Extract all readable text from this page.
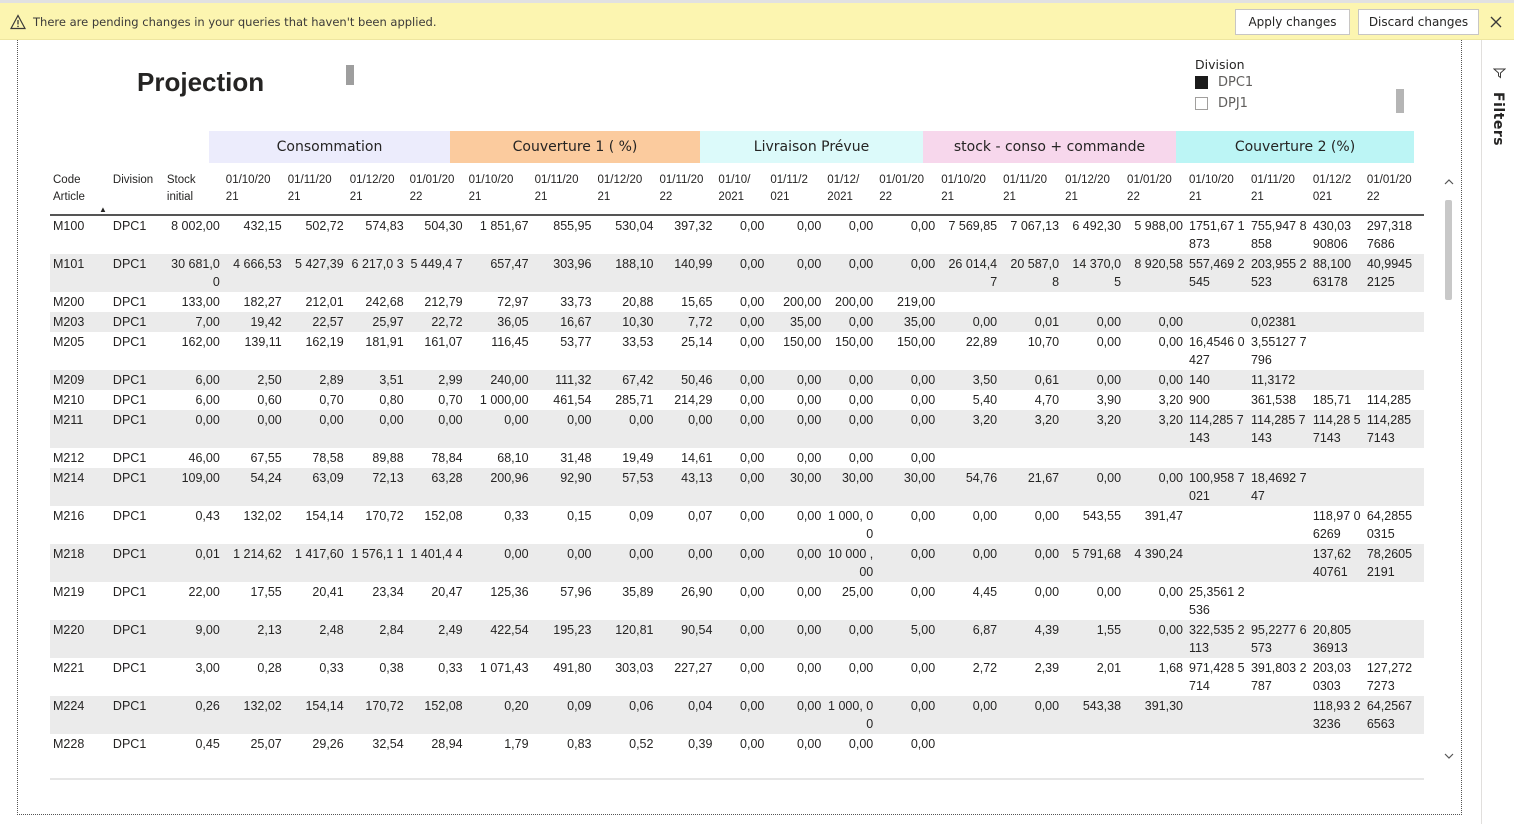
There are pending changes in your queries that haven't been applied.	Apply changes	Discard changes
Projection
Division
DPC1
DPJ1	Filters
Consommation	Couverture 1 ( %)	Livraison Prévue	stock - conso + commande	Couverture 2 (%)
Code Article
▲	Division	Stock initial	01/10/20 21	01/11/20 21	01/12/20 21	01/01/20 22	01/10/20 21	01/11/20 21	01/12/20 21	01/11/20 22	01/10/ 2021	01/11/2 021	01/12/ 2021	01/01/20 22	01/10/20 21	01/11/20 21	01/12/20 21	01/01/20 22	01/10/20 21	01/11/20 21	01/12/2 021	01/01/20 22
M100	DPC1	8 002,00	432,15	502,72	574,83	504,30	1 851,67	855,95	530,04	397,32	0,00	0,00	0,00	0,00	7 569,85	7 067,13	6 492,30	5 988,00	1751,67 1873	755,947 8858	430,03 90806	297,318 7686
M101	DPC1	30 681,0 0	4 666,53	5 427,39	6 217,0 3	5 449,4 7	657,47	303,96	188,10	140,99	0,00	0,00	0,00	0,00	26 014,4 7	20 587,0 8	14 370,0 5	8 920,58	557,469 2545	203,955 2523	88,100 63178	40,9945 2125
M200	DPC1	133,00	182,27	212,01	242,68	212,79	72,97	33,73	20,88	15,65	0,00	200,00	200,00	219,00								
M203	DPC1	7,00	19,42	22,57	25,97	22,72	36,05	16,67	10,30	7,72	0,00	35,00	0,00	35,00	0,00	0,01	0,00	0,00		0,02381		
M205	DPC1	162,00	139,11	162,19	181,91	161,07	116,45	53,77	33,53	25,14	0,00	150,00	150,00	150,00	22,89	10,70	0,00	0,00	16,4546 0427	3,55127 7796		
M209	DPC1	6,00	2,50	2,89	3,51	2,99	240,00	111,32	67,42	50,46	0,00	0,00	0,00	0,00	3,50	0,61	0,00	0,00	140	11,3172		
M210	DPC1	6,00	0,60	0,70	0,80	0,70	1 000,00	461,54	285,71	214,29	0,00	0,00	0,00	0,00	5,40	4,70	3,90	3,20	900	361,538	185,71	114,285
M211	DPC1	0,00	0,00	0,00	0,00	0,00	0,00	0,00	0,00	0,00	0,00	0,00	0,00	0,00	3,20	3,20	3,20	3,20	114,285 7143	114,285 7143	114,28 57143	114,285 7143
M212	DPC1	46,00	67,55	78,58	89,88	78,84	68,10	31,48	19,49	14,61	0,00	0,00	0,00	0,00								
M214	DPC1	109,00	54,24	63,09	72,13	63,28	200,96	92,90	57,53	43,13	0,00	30,00	30,00	30,00	54,76	21,67	0,00	0,00	100,958 7021	18,4692 747		
M216	DPC1	0,43	132,02	154,14	170,72	152,08	0,33	0,15	0,09	0,07	0,00	0,00	1 000, 00	0,00	0,00	0,00	543,55	391,47			118,97 06269	64,2855 0315
M218	DPC1	0,01	1 214,62	1 417,60	1 576,1 1	1 401,4 4	0,00	0,00	0,00	0,00	0,00	0,00	10 000 ,00	0,00	0,00	0,00	5 791,68	4 390,24			137,62 40761	78,2605 2191
M219	DPC1	22,00	17,55	20,41	23,34	20,47	125,36	57,96	35,89	26,90	0,00	0,00	25,00	0,00	4,45	0,00	0,00	0,00	25,3561 2536			
M220	DPC1	9,00	2,13	2,48	2,84	2,49	422,54	195,23	120,81	90,54	0,00	0,00	0,00	5,00	6,87	4,39	1,55	0,00	322,535 2113	95,2277 6573	20,805 36913	
M221	DPC1	3,00	0,28	0,33	0,38	0,33	1 071,43	491,80	303,03	227,27	0,00	0,00	0,00	0,00	2,72	2,39	2,01	1,68	971,428 5714	391,803 2787	203,03 0303	127,272 7273
M224	DPC1	0,26	132,02	154,14	170,72	152,08	0,20	0,09	0,06	0,04	0,00	0,00	1 000, 00	0,00	0,00	0,00	543,38	391,30			118,93 23236	64,2567 6563
M228	DPC1	0,45	25,07	29,26	32,54	28,94	1,79	0,83	0,52	0,39	0,00	0,00	0,00	0,00								
